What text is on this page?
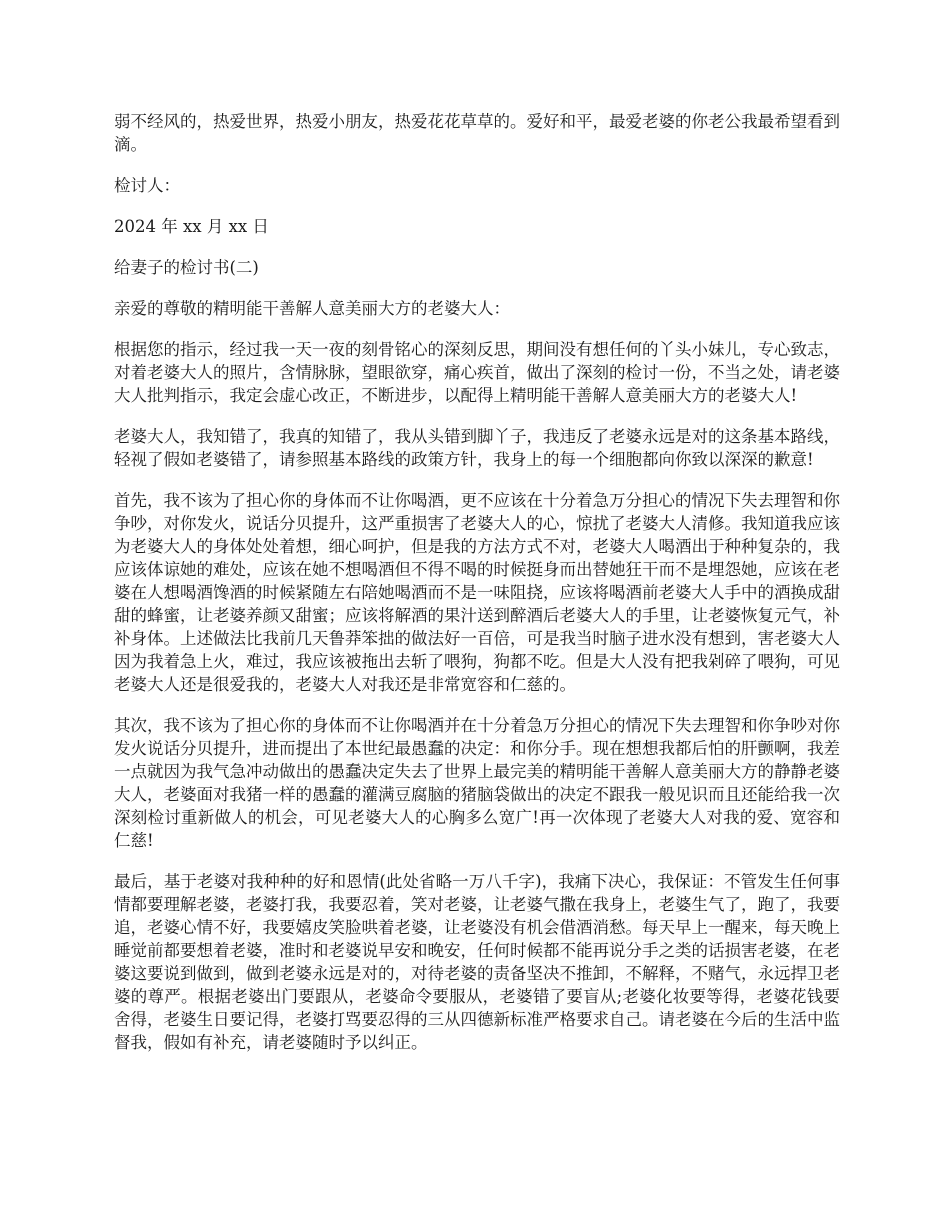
弱不经风的，热爱世界，热爱小朋友，热爱花花草草的。爱好和平，最爱老婆的你老公我最希望看到滴。

检讨人：

2024 年 xx 月 xx 日

给妻子的检讨书(二)

亲爱的尊敬的精明能干善解人意美丽大方的老婆大人：

根据您的指示，经过我一天一夜的刻骨铭心的深刻反思，期间没有想任何的丫头小妹儿，专心致志，对着老婆大人的照片，含情脉脉，望眼欲穿，痛心疾首，做出了深刻的检讨一份，不当之处，请老婆大人批判指示，我定会虚心改正，不断进步，以配得上精明能干善解人意美丽大方的老婆大人!

老婆大人，我知错了，我真的知错了，我从头错到脚丫子，我违反了老婆永远是对的这条基本路线，轻视了假如老婆错了，请参照基本路线的政策方针，我身上的每一个细胞都向你致以深深的歉意!

首先，我不该为了担心你的身体而不让你喝酒，更不应该在十分着急万分担心的情况下失去理智和你争吵，对你发火，说话分贝提升，这严重损害了老婆大人的心，惊扰了老婆大人清修。我知道我应该为老婆大人的身体处处着想，细心呵护，但是我的方法方式不对，老婆大人喝酒出于种种复杂的，我应该体谅她的难处，应该在她不想喝酒但不得不喝的时候挺身而出替她狂干而不是埋怨她，应该在老婆在人想喝酒馋酒的时候紧随左右陪她喝酒而不是一味阻挠，应该将喝酒前老婆大人手中的酒换成甜甜的蜂蜜，让老婆养颜又甜蜜；应该将解酒的果汁送到醉酒后老婆大人的手里，让老婆恢复元气，补补身体。上述做法比我前几天鲁莽笨拙的做法好一百倍，可是我当时脑子进水没有想到，害老婆大人因为我着急上火，难过，我应该被拖出去斩了喂狗，狗都不吃。但是大人没有把我剁碎了喂狗，可见老婆大人还是很爱我的，老婆大人对我还是非常宽容和仁慈的。

其次，我不该为了担心你的身体而不让你喝酒并在十分着急万分担心的情况下失去理智和你争吵对你发火说话分贝提升，进而提出了本世纪最愚蠢的决定：和你分手。现在想想我都后怕的肝颤啊，我差一点就因为我气急冲动做出的愚蠢决定失去了世界上最完美的精明能干善解人意美丽大方的静静老婆大人，老婆面对我猪一样的愚蠢的灌满豆腐脑的猪脑袋做出的决定不跟我一般见识而且还能给我一次深刻检讨重新做人的机会，可见老婆大人的心胸多么宽广!再一次体现了老婆大人对我的爱、宽容和仁慈!

最后，基于老婆对我种种的好和恩情(此处省略一万八千字)，我痛下决心，我保证：不管发生任何事情都要理解老婆，老婆打我，我要忍着，笑对老婆，让老婆气撒在我身上，老婆生气了，跑了，我要追，老婆心情不好，我要嬉皮笑脸哄着老婆，让老婆没有机会借酒消愁。每天早上一醒来，每天晚上睡觉前都要想着老婆，准时和老婆说早安和晚安，任何时候都不能再说分手之类的话损害老婆，在老婆这要说到做到，做到老婆永远是对的，对待老婆的责备坚决不推卸，不解释，不赌气，永远捍卫老婆的尊严。根据老婆出门要跟从，老婆命令要服从，老婆错了要盲从;老婆化妆要等得，老婆花钱要舍得，老婆生日要记得，老婆打骂要忍得的三从四德新标准严格要求自己。请老婆在今后的生活中监督我，假如有补充，请老婆随时予以纠正。
